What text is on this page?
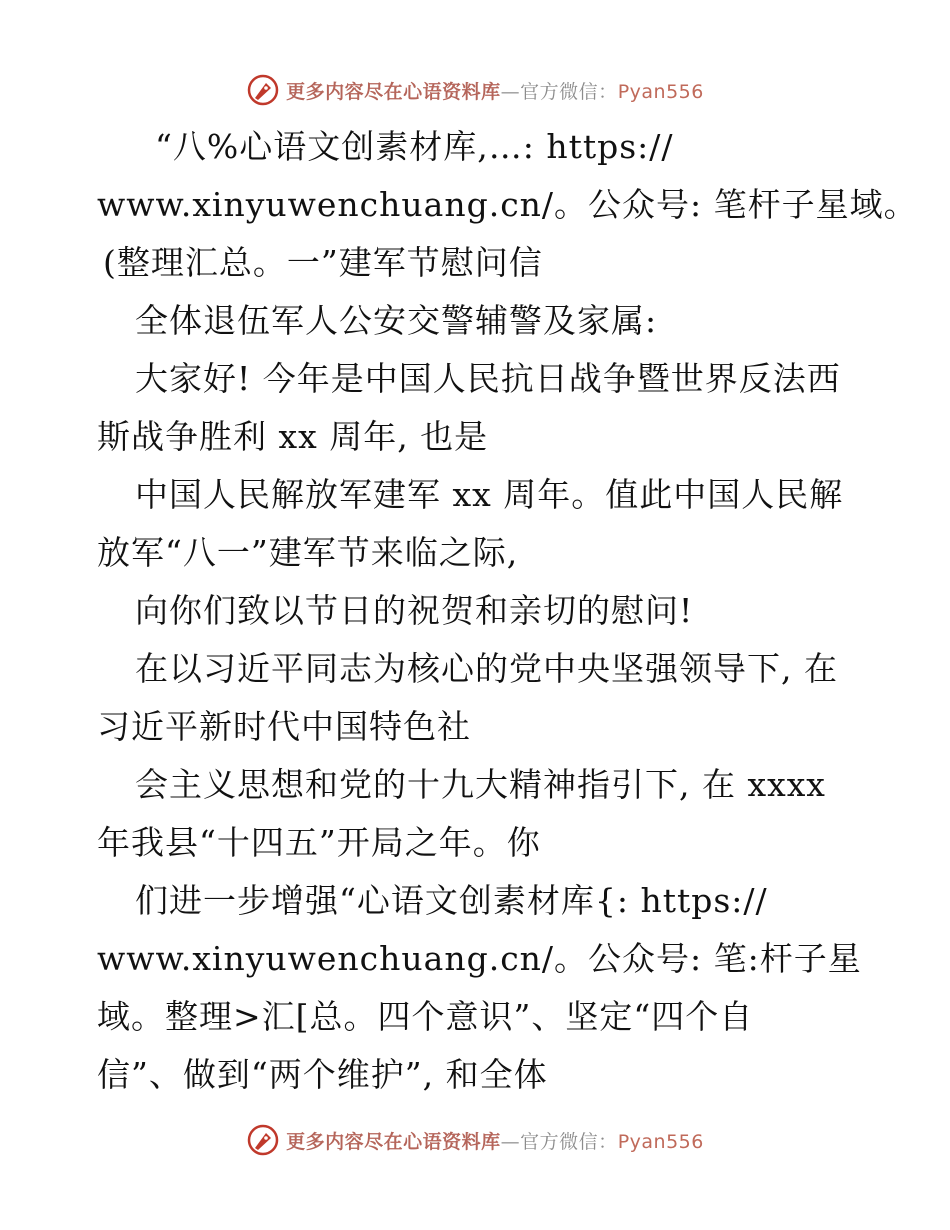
更多内容尽在心语资料库—官方微信：Pyan556
“八%心语文创素材库,…: https://
www.xinyuwenchuang.cn/。公众号: 笔杆子星域。
(整理汇总。一”建军节慰问信
全体退伍军人公安交警辅警及家属:
大家好! 今年是中国人民抗日战争暨世界反法西
斯战争胜利 xx 周年, 也是
中国人民解放军建军 xx 周年。值此中国人民解
放军“八一”建军节来临之际,
向你们致以节日的祝贺和亲切的慰问!
在以习近平同志为核心的党中央坚强领导下, 在
习近平新时代中国特色社
会主义思想和党的十九大精神指引下, 在 xxxx
年我县“十四五”开局之年。你
们进一步增强“心语文创素材库{: https://
www.xinyuwenchuang.cn/。公众号: 笔:杆子星
域。整理>汇[总。四个意识”、坚定“四个自
信”、做到“两个维护”, 和全体
更多内容尽在心语资料库—官方微信：Pyan556
